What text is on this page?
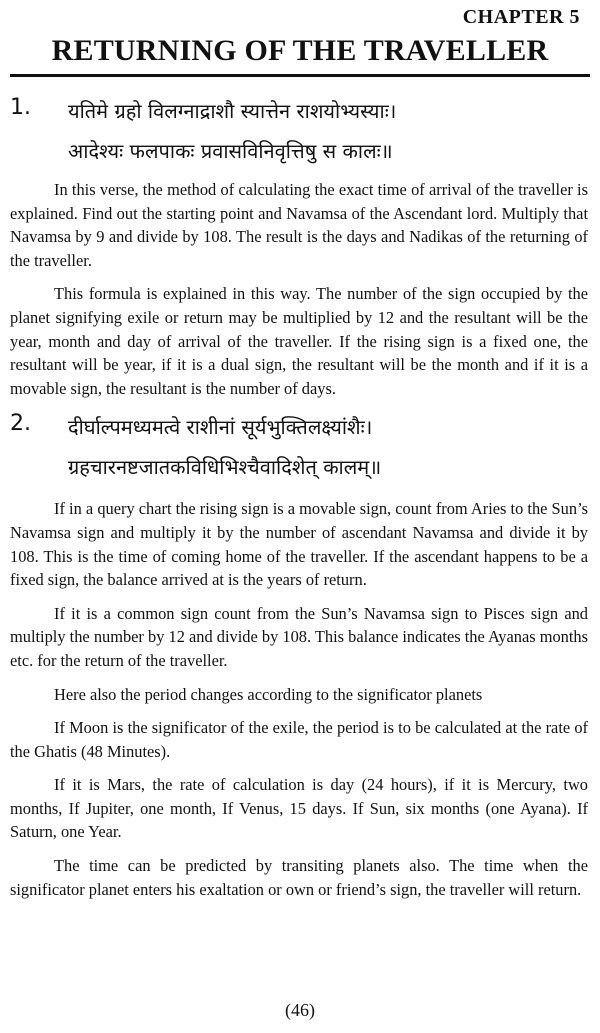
CHAPTER 5
RETURNING OF THE TRAVELLER
1.	यतिमे ग्रहो विलग्नाद्राशौ स्यात्तेन राशयोभ्यस्याः।
आदेश्यः फलपाकः प्रवासविनिवृत्तिषु स कालः॥

In this verse, the method of calculating the exact time of arrival of the traveller is explained. Find out the starting point and Navamsa of the Ascendant lord. Multiply that Navamsa by 9 and divide by 108. The result is the days and Nadikas of the returning of the traveller.

This formula is explained in this way. The number of the sign occupied by the planet signifying exile or return may be multiplied by 12 and the resultant will be the year, month and day of arrival of the traveller. If the rising sign is a fixed one, the resultant will be year, if it is a dual sign, the resultant will be the month and if it is a movable sign, the resultant is the number of days.

2.	दीर्घाल्पमध्यमत्वे राशीनां सूर्यभुक्तिलक्ष्यांशैः।
ग्रहचारनष्टजातकविधिभिश्चैवादिशेत् कालम्॥

If in a query chart the rising sign is a movable sign, count from Aries to the Sun’s Navamsa sign and multiply it by the number of ascendant Navamsa and divide it by 108. This is the time of coming home of the traveller. If the ascendant happens to be a fixed sign, the balance arrived at is the years of return.

If it is a common sign count from the Sun’s Navamsa sign to Pisces sign and multiply the number by 12 and divide by 108. This balance indicates the Ayanas months etc. for the return of the traveller.

Here also the period changes according to the significator planets

If Moon is the significator of the exile, the period is to be calculated at the rate of the Ghatis (48 Minutes).

If it is Mars, the rate of calculation is day (24 hours), if it is Mercury, two months, If Jupiter, one month, If Venus, 15 days. If Sun, six months (one Ayana). If Saturn, one Year.

The time can be predicted by transiting planets also. The time when the significator planet enters his exaltation or own or friend’s sign, the traveller will return.

(46)
